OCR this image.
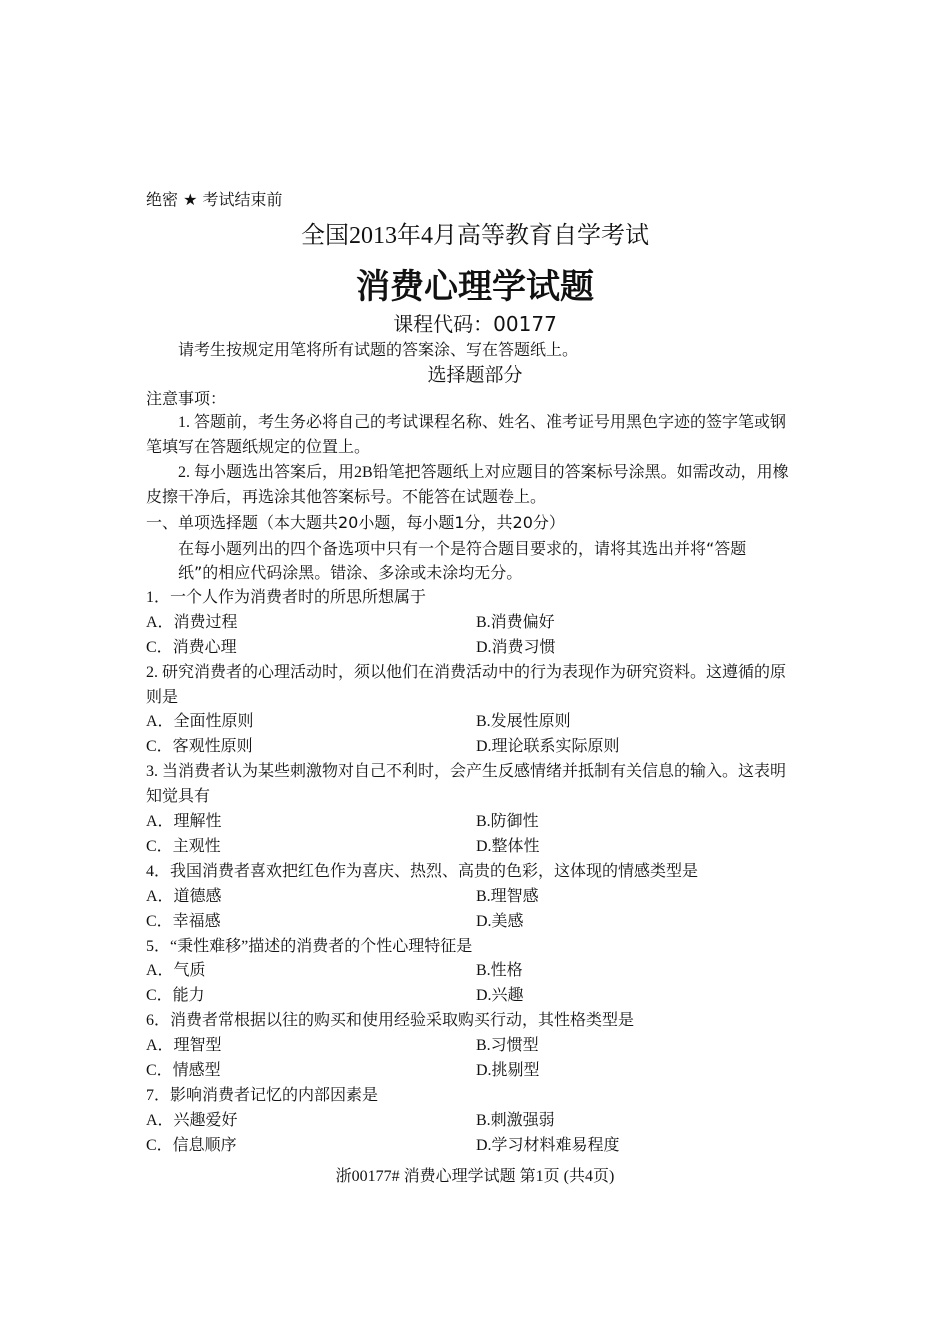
绝密 ★ 考试结束前
全国2013年4月高等教育自学考试
消费心理学试题
课程代码：00177
请考生按规定用笔将所有试题的答案涂、写在答题纸上。
选择题部分
注意事项：
1. 答题前，考生务必将自己的考试课程名称、姓名、准考证号用黑色字迹的签字笔或钢
笔填写在答题纸规定的位置上。
2. 每小题选出答案后，用2B铅笔把答题纸上对应题目的答案标号涂黑。如需改动，用橡
皮擦干净后，再选涂其他答案标号。不能答在试题卷上。
一、单项选择题（本大题共20小题，每小题1分，共20分）
在每小题列出的四个备选项中只有一个是符合题目要求的，请将其选出并将“答题
纸”的相应代码涂黑。错涂、多涂或未涂均无分。
1．一个人作为消费者时的所思所想属于
A．消费过程	B.消费偏好
C．消费心理	D.消费习惯
2. 研究消费者的心理活动时，须以他们在消费活动中的行为表现作为研究资料。这遵循的原
则是
A．全面性原则	B.发展性原则
C．客观性原则	D.理论联系实际原则
3. 当消费者认为某些刺激物对自己不利时，会产生反感情绪并抵制有关信息的输入。这表明
知觉具有
A．理解性	B.防御性
C．主观性	D.整体性
4．我国消费者喜欢把红色作为喜庆、热烈、高贵的色彩，这体现的情感类型是
A．道德感	B.理智感
C．幸福感	D.美感
5．“秉性难移”描述的消费者的个性心理特征是
A．气质	B.性格
C．能力	D.兴趣
6．消费者常根据以往的购买和使用经验采取购买行动，其性格类型是
A．理智型	B.习惯型
C．情感型	D.挑剔型
7．影响消费者记忆的内部因素是
A．兴趣爱好	B.刺激强弱
C．信息顺序	D.学习材料难易程度
浙00177# 消费心理学试题 第1页 (共4页)
